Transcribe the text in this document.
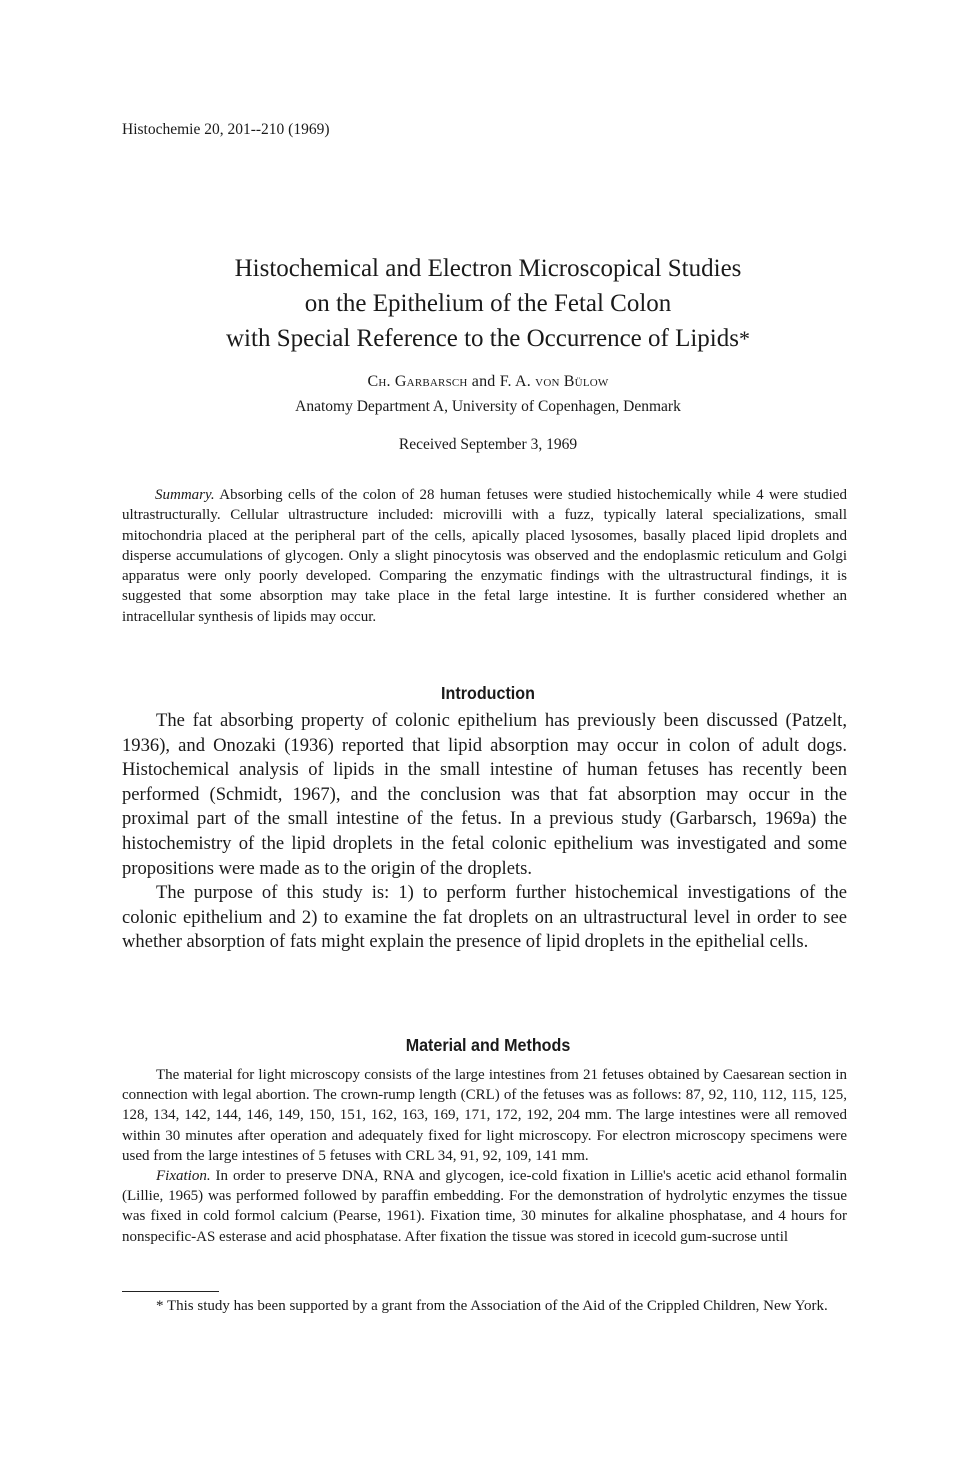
Histochemie 20, 201--210 (1969)
Histochemical and Electron Microscopical Studies
on the Epithelium of the Fetal Colon
with Special Reference to the Occurrence of Lipids*
Ch. Garbarsch and F. A. von Bülow
Anatomy Department A, University of Copenhagen, Denmark
Received September 3, 1969
Summary. Absorbing cells of the colon of 28 human fetuses were studied histochemically while 4 were studied ultrastructurally. Cellular ultrastructure included: microvilli with a fuzz, typically lateral specializations, small mitochondria placed at the peripheral part of the cells, apically placed lysosomes, basally placed lipid droplets and disperse accumulations of glycogen. Only a slight pinocytosis was observed and the endoplasmic reticulum and Golgi apparatus were only poorly developed. Comparing the enzymatic findings with the ultrastructural findings, it is suggested that some absorption may take place in the fetal large intestine. It is further considered whether an intracellular synthesis of lipids may occur.
Introduction

The fat absorbing property of colonic epithelium has previously been discussed (Patzelt, 1936), and Onozaki (1936) reported that lipid absorption may occur in colon of adult dogs. Histochemical analysis of lipids in the small intestine of human fetuses has recently been performed (Schmidt, 1967), and the conclusion was that fat absorption may occur in the proximal part of the small intestine of the fetus. In a previous study (Garbarsch, 1969a) the histochemistry of the lipid droplets in the fetal colonic epithelium was investigated and some propositions were made as to the origin of the droplets.

The purpose of this study is: 1) to perform further histochemical investigations of the colonic epithelium and 2) to examine the fat droplets on an ultrastructural level in order to see whether absorption of fats might explain the presence of lipid droplets in the epithelial cells.

Material and Methods

The material for light microscopy consists of the large intestines from 21 fetuses obtained by Caesarean section in connection with legal abortion. The crown-rump length (CRL) of the fetuses was as follows: 87, 92, 110, 112, 115, 125, 128, 134, 142, 144, 146, 149, 150, 151, 162, 163, 169, 171, 172, 192, 204 mm. The large intestines were all removed within 30 minutes after operation and adequately fixed for light microscopy. For electron microscopy specimens were used from the large intestines of 5 fetuses with CRL 34, 91, 92, 109, 141 mm.

Fixation. In order to preserve DNA, RNA and glycogen, ice-cold fixation in Lillie's acetic acid ethanol formalin (Lillie, 1965) was performed followed by paraffin embedding. For the demonstration of hydrolytic enzymes the tissue was fixed in cold formol calcium (Pearse, 1961). Fixation time, 30 minutes for alkaline phosphatase, and 4 hours for nonspecific-AS esterase and acid phosphatase. After fixation the tissue was stored in icecold gum-sucrose until

* This study has been supported by a grant from the Association of the Aid of the Crippled Children, New York.
